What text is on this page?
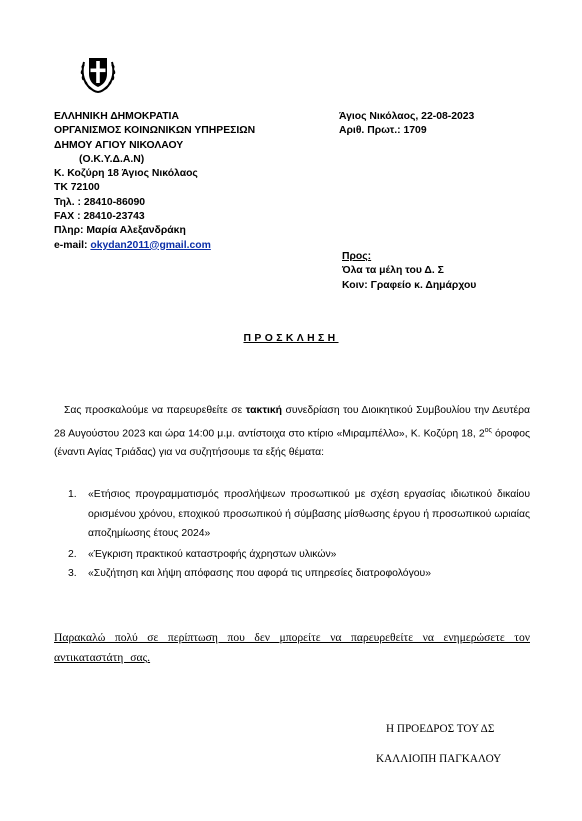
ΕΛΛΗΝΙΚΗ ΔΗΜΟΚΡΑΤΙΑ
ΟΡΓΑΝΙΣΜΟΣ ΚΟΙΝΩΝΙΚΩΝ ΥΠΗΡΕΣΙΩΝ
ΔΗΜΟΥ ΑΓΙΟΥ ΝΙΚΟΛΑΟΥ
(Ο.Κ.Υ.Δ.Α.Ν)
Κ. Κοζύρη 18 Άγιος Νικόλαος
ΤΚ 72100
Τηλ. : 28410-86090
FAX : 28410-23743
Πληρ: Μαρία Αλεξανδράκη
e-mail: okydan2011@gmail.com
Άγιος Νικόλαος, 22-08-2023
Αριθ. Πρωτ.: 1709
Προς:
Όλα τα μέλη του Δ. Σ
Κοιν: Γραφείο κ. Δημάρχου
ΠΡΟΣΚΛΗΣΗ
Σας προσκαλούμε να παρευρεθείτε σε τακτική συνεδρίαση του Διοικητικού Συμβουλίου την Δευτέρα 28 Αυγούστου 2023 και ώρα 14:00 μ.μ. αντίστοιχα στο κτίριο «Μιραμπέλλο», Κ. Κοζύρη 18, $2^{o\varsigma}$ όροφος (έναντι Αγίας Τριάδας) για να συζητήσουμε τα εξής θέματα:
1.	«Ετήσιος προγραμματισμός προσλήψεων προσωπικού με σχέση εργασίας ιδιωτικού δικαίου ορισμένου χρόνου, εποχικού προσωπικού ή σύμβασης μίσθωσης έργου ή προσωπικού ωριαίας αποζημίωσης έτους 2024»
2.	«Έγκριση πρακτικού καταστροφής άχρηστων υλικών»
3.	«Συζήτηση και λήψη απόφασης που αφορά τις υπηρεσίες διατροφολόγου»
Παρακαλώ πολύ σε περίπτωση που δεν μπορείτε να παρευρεθείτε να ενημερώσετε τον αντικαταστάτη σας.
Η ΠΡΟΕΔΡΟΣ ΤΟΥ ΔΣ
ΚΑΛΛΙΟΠΗ ΠΑΓΚΑΛΟΥ
